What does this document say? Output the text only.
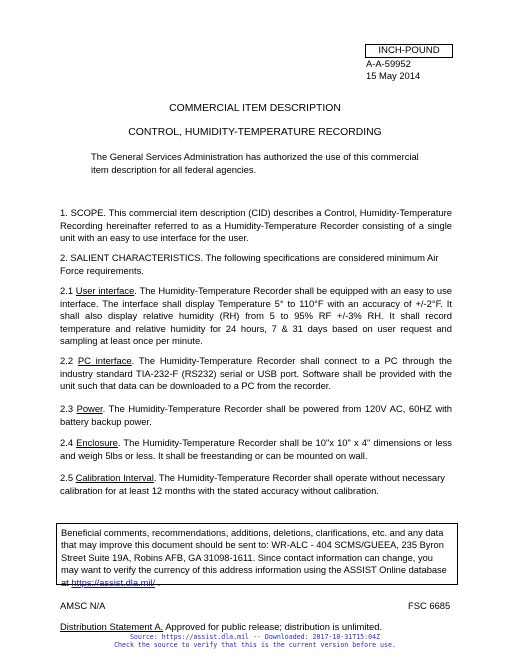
INCH-POUND
A-A-59952
15 May 2014
COMMERCIAL ITEM DESCRIPTION
CONTROL, HUMIDITY-TEMPERATURE RECORDING
The General Services Administration has authorized the use of this commercial item description for all federal agencies.
1. SCOPE. This commercial item description (CID) describes a Control, Humidity-Temperature Recording hereinafter referred to as a Humidity-Temperature Recorder consisting of a single unit with an easy to use interface for the user.
2. SALIENT CHARACTERISTICS. The following specifications are considered minimum Air Force requirements.
2.1 User interface. The Humidity-Temperature Recorder shall be equipped with an easy to use interface. The interface shall display Temperature 5° to 110°F with an accuracy of +/-2°F. It shall also display relative humidity (RH) from 5 to 95% RF +/-3% RH. It shall record temperature and relative humidity for 24 hours, 7 & 31 days based on user request and sampling at least once per minute.
2.2 PC interface. The Humidity-Temperature Recorder shall connect to a PC through the industry standard TIA-232-F (RS232) serial or USB port. Software shall be provided with the unit such that data can be downloaded to a PC from the recorder.
2.3 Power. The Humidity-Temperature Recorder shall be powered from 120V AC, 60HZ with battery backup power.
2.4 Enclosure. The Humidity-Temperature Recorder shall be 10"x 10" x 4" dimensions or less and weigh 5lbs or less. It shall be freestanding or can be mounted on wall.
2.5 Calibration Interval. The Humidity-Temperature Recorder shall operate without necessary calibration for at least 12 months with the stated accuracy without calibration.
Beneficial comments, recommendations, additions, deletions, clarifications, etc. and any data that may improve this document should be sent to: WR-ALC - 404 SCMS/GUEEA, 235 Byron Street Suite 19A, Robins AFB, GA 31098-1611. Since contact information can change, you may want to verify the currency of this address information using the ASSIST Online database at https://assist.dla.mil/ .
AMSC N/A	FSC 6685
Distribution Statement A. Approved for public release; distribution is unlimited.
Source: https://assist.dla.mil -- Downloaded: 2017-10-31T15:04Z
Check the source to verify that this is the current version before use.
